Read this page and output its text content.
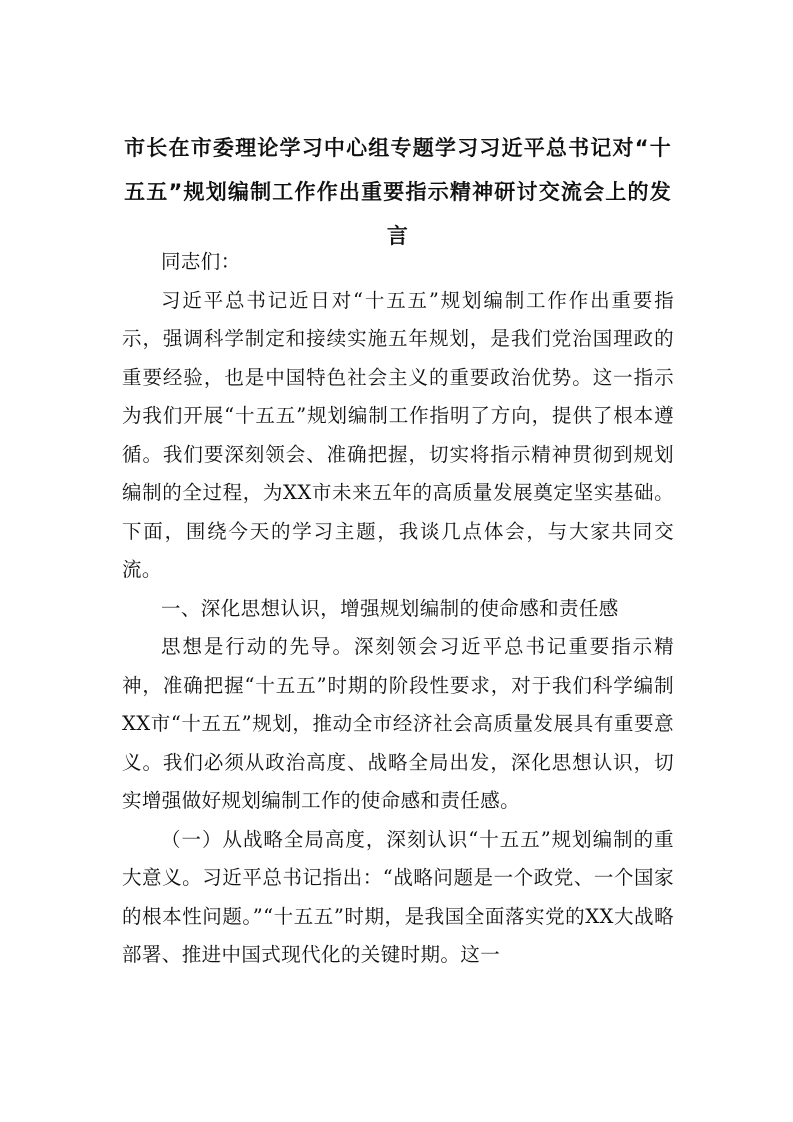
市长在市委理论学习中心组专题学习习近平总书记对“十五五”规划编制工作作出重要指示精神研讨交流会上的发言

同志们：

习近平总书记近日对“十五五”规划编制工作作出重要指示，强调科学制定和接续实施五年规划，是我们党治国理政的重要经验，也是中国特色社会主义的重要政治优势。这一指示为我们开展“十五五”规划编制工作指明了方向，提供了根本遵循。我们要深刻领会、准确把握，切实将指示精神贯彻到规划编制的全过程，为XX市未来五年的高质量发展奠定坚实基础。下面，围绕今天的学习主题，我谈几点体会，与大家共同交流。

一、深化思想认识，增强规划编制的使命感和责任感

思想是行动的先导。深刻领会习近平总书记重要指示精神，准确把握“十五五”时期的阶段性要求，对于我们科学编制XX市“十五五”规划，推动全市经济社会高质量发展具有重要意义。我们必须从政治高度、战略全局出发，深化思想认识，切实增强做好规划编制工作的使命感和责任感。

（一）从战略全局高度，深刻认识“十五五”规划编制的重大意义。习近平总书记指出：“战略问题是一个政党、一个国家的根本性问题。”“十五五”时期，是我国全面落实党的XX大战略部署、推进中国式现代化的关键时期。这一
